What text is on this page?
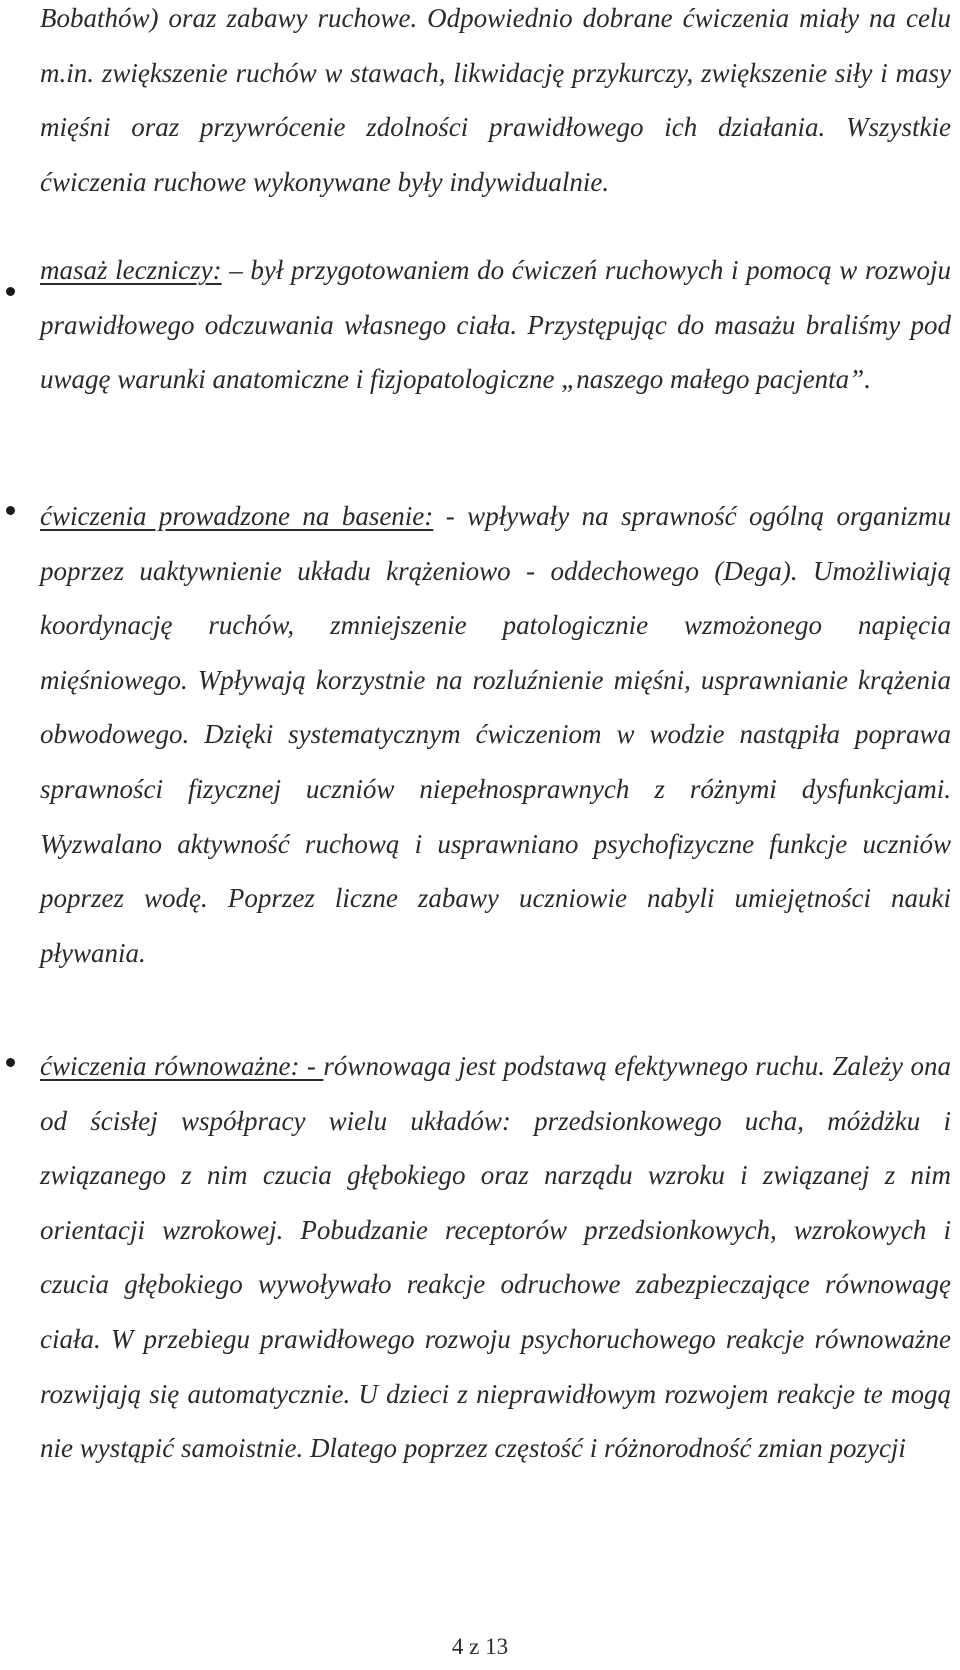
Bobathów) oraz zabawy ruchowe. Odpowiednio dobrane ćwiczenia miały na celu m.in. zwiększenie ruchów w stawach, likwidację przykurczy, zwiększenie siły i masy mięśni oraz przywrócenie zdolności prawidłowego ich działania. Wszystkie ćwiczenia ruchowe wykonywane były indywidualnie.

masaż leczniczy: – był przygotowaniem do ćwiczeń ruchowych i pomocą w rozwoju prawidłowego odczuwania własnego ciała. Przystępując do masażu braliśmy pod uwagę warunki anatomiczne i fizjopatologiczne „naszego małego pacjenta”.

ćwiczenia prowadzone na basenie: - wpływały na sprawność ogólną organizmu poprzez uaktywnienie układu krążeniowo - oddechowego (Dega). Umożliwiają koordynację ruchów, zmniejszenie patologicznie wzmożonego napięcia mięśniowego. Wpływają korzystnie na rozluźnienie mięśni, usprawnianie krążenia obwodowego. Dzięki systematycznym ćwiczeniom w wodzie nastąpiła poprawa sprawności fizycznej uczniów niepełnosprawnych z różnymi dysfunkcjami. Wyzwalano aktywność ruchową i usprawniano psychofizyczne funkcje uczniów poprzez wodę. Poprzez liczne zabawy uczniowie nabyli umiejętności nauki pływania.

ćwiczenia równoważne: - równowaga jest podstawą efektywnego ruchu. Zależy ona od ścisłej współpracy wielu układów: przedsionkowego ucha, móżdżku i związanego z nim czucia głębokiego oraz narządu wzroku i związanej z nim orientacji wzrokowej. Pobudzanie receptorów przedsionkowych, wzrokowych i czucia głębokiego wywoływało reakcje odruchowe zabezpieczające równowagę ciała. W przebiegu prawidłowego rozwoju psychoruchowego reakcje równoważne rozwijają się automatycznie. U dzieci z nieprawidłowym rozwojem reakcje te mogą nie wystąpić samoistnie. Dlatego poprzez częstość i różnorodność zmian pozycji

4 z 13
